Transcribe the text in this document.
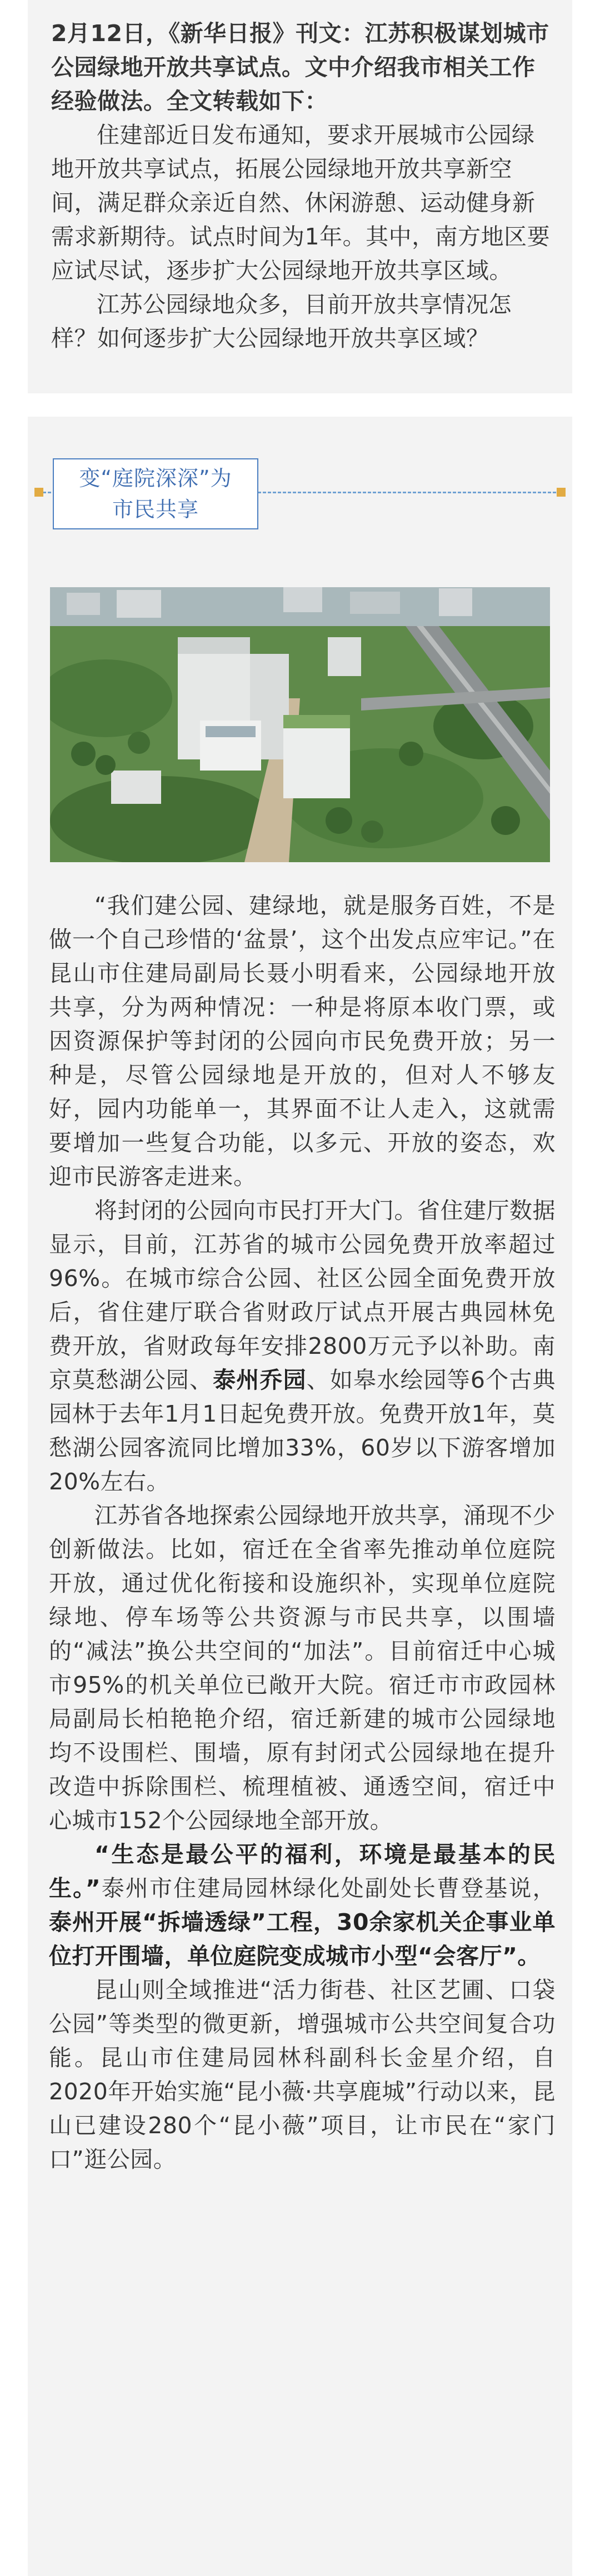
2月12日，《新华日报》刊文：江苏积极谋划城市公园绿地开放共享试点。文中介绍我市相关工作经验做法。全文转载如下：

住建部近日发布通知，要求开展城市公园绿地开放共享试点，拓展公园绿地开放共享新空间，满足群众亲近自然、休闲游憩、运动健身新需求新期待。试点时间为1年。其中，南方地区要应试尽试，逐步扩大公园绿地开放共享区域。

江苏公园绿地众多，目前开放共享情况怎样？如何逐步扩大公园绿地开放共享区域？

变“庭院深深”为
市民共享

“我们建公园、建绿地，就是服务百姓，不是做一个自己珍惜的‘盆景’，这个出发点应牢记。”在昆山市住建局副局长聂小明看来，公园绿地开放共享，分为两种情况：一种是将原本收门票，或因资源保护等封闭的公园向市民免费开放；另一种是，尽管公园绿地是开放的，但对人不够友好，园内功能单一，其界面不让人走入，这就需要增加一些复合功能，以多元、开放的姿态，欢迎市民游客走进来。

将封闭的公园向市民打开大门。省住建厅数据显示，目前，江苏省的城市公园免费开放率超过96%。在城市综合公园、社区公园全面免费开放后，省住建厅联合省财政厅试点开展古典园林免费开放，省财政每年安排2800万元予以补助。南京莫愁湖公园、泰州乔园、如皋水绘园等6个古典园林于去年1月1日起免费开放。免费开放1年，莫愁湖公园客流同比增加33%，60岁以下游客增加20%左右。

江苏省各地探索公园绿地开放共享，涌现不少创新做法。比如，宿迁在全省率先推动单位庭院开放，通过优化衔接和设施织补，实现单位庭院绿地、停车场等公共资源与市民共享，以围墙的“减法”换公共空间的“加法”。目前宿迁中心城市95%的机关单位已敞开大院。宿迁市市政园林局副局长柏艳艳介绍，宿迁新建的城市公园绿地均不设围栏、围墙，原有封闭式公园绿地在提升改造中拆除围栏、梳理植被、通透空间，宿迁中心城市152个公园绿地全部开放。

“生态是最公平的福利，环境是最基本的民生。”泰州市住建局园林绿化处副处长曹登基说，泰州开展“拆墙透绿”工程，30余家机关企事业单位打开围墙，单位庭院变成城市小型“会客厅”。

昆山则全域推进“活力街巷、社区艺圃、口袋公园”等类型的微更新，增强城市公共空间复合功能。昆山市住建局园林科副科长金星介绍，自2020年开始实施“昆小薇·共享鹿城”行动以来，昆山已建设280个“昆小薇”项目，让市民在“家门口”逛公园。
